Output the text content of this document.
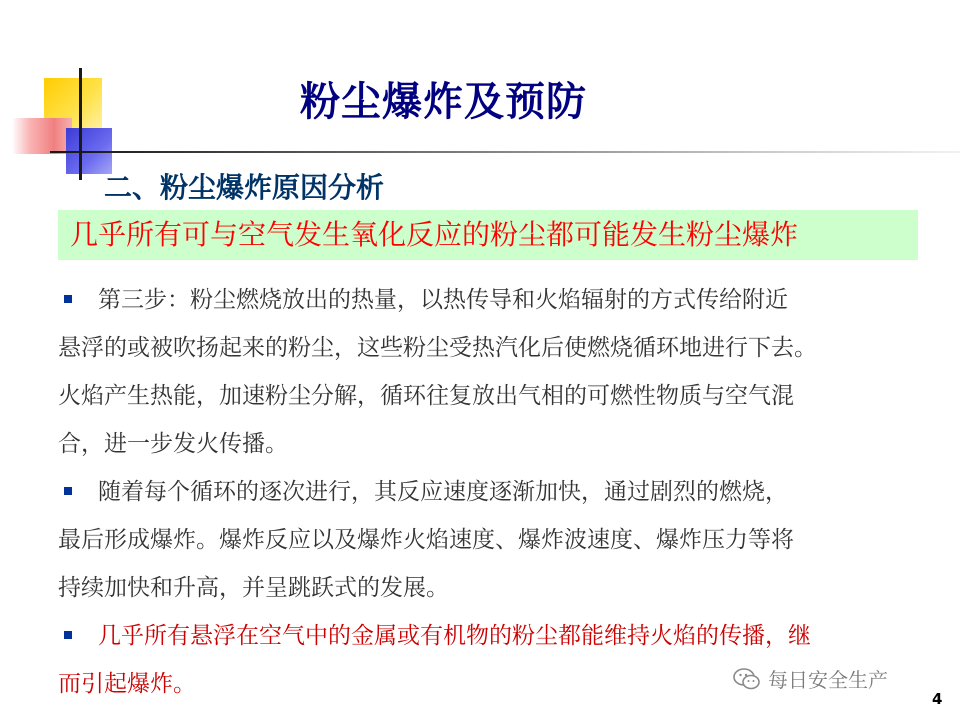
粉尘爆炸及预防
二、粉尘爆炸原因分析
几乎所有可与空气发生氧化反应的粉尘都可能发生粉尘爆炸

第三步：粉尘燃烧放出的热量，以热传导和火焰辐射的方式传给附近
悬浮的或被吹扬起来的粉尘，这些粉尘受热汽化后使燃烧循环地进行下去。
火焰产生热能，加速粉尘分解，循环往复放出气相的可燃性物质与空气混
合，进一步发火传播。

随着每个循环的逐次进行，其反应速度逐渐加快，通过剧烈的燃烧，
最后形成爆炸。爆炸反应以及爆炸火焰速度、爆炸波速度、爆炸压力等将
持续加快和升高，并呈跳跃式的发展。

几乎所有悬浮在空气中的金属或有机物的粉尘都能维持火焰的传播，继
而引起爆炸。	每日安全生产
4
